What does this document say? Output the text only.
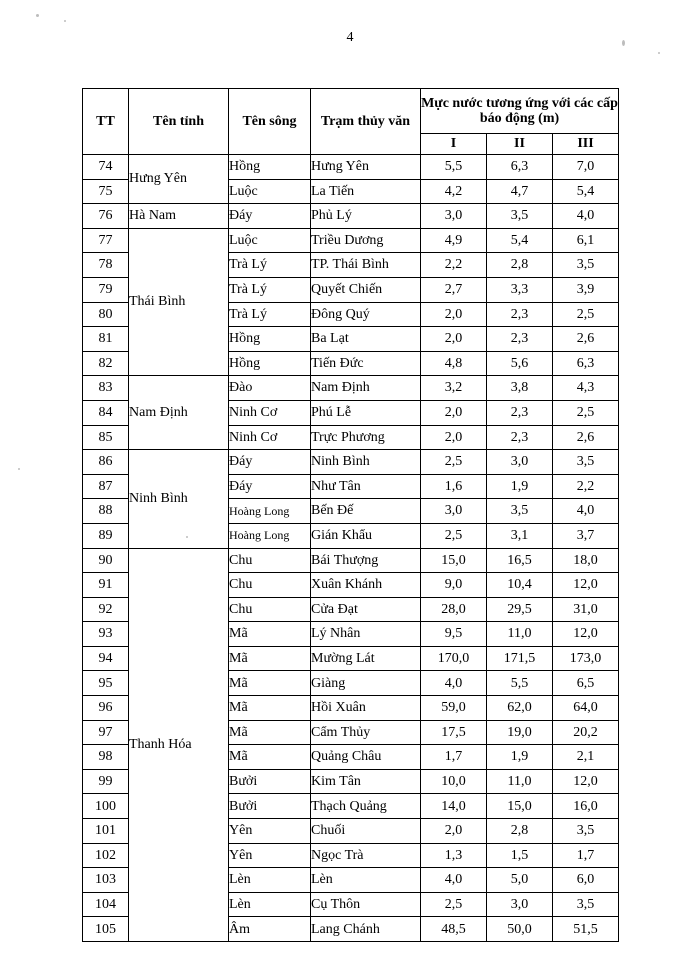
4
TT	Tên tỉnh	Tên sông	Trạm thủy văn	Mực nước tương ứng với các cấp báo động (m)		
				I	II	III
74	Hưng Yên	Hồng	Hưng Yên	5,5	6,3	7,0
75		Luộc	La Tiến	4,2	4,7	5,4
76	Hà Nam	Đáy	Phủ Lý	3,0	3,5	4,0
77	Thái Bình	Luộc	Triều Dương	4,9	5,4	6,1
78		Trà Lý	TP. Thái Bình	2,2	2,8	3,5
79		Trà Lý	Quyết Chiến	2,7	3,3	3,9
80		Trà Lý	Đông Quý	2,0	2,3	2,5
81		Hồng	Ba Lạt	2,0	2,3	2,6
82		Hồng	Tiến Đức	4,8	5,6	6,3
83	Nam Định	Đào	Nam Định	3,2	3,8	4,3
84		Ninh Cơ	Phú Lễ	2,0	2,3	2,5
85		Ninh Cơ	Trực Phương	2,0	2,3	2,6
86	Ninh Bình	Đáy	Ninh Bình	2,5	3,0	3,5
87		Đáy	Như Tân	1,6	1,9	2,2
88		Hoàng Long	Bến Đế	3,0	3,5	4,0
89		Hoàng Long	Gián Khẩu	2,5	3,1	3,7
90	Thanh Hóa	Chu	Bái Thượng	15,0	16,5	18,0
91		Chu	Xuân Khánh	9,0	10,4	12,0
92		Chu	Cửa Đạt	28,0	29,5	31,0
93		Mã	Lý Nhân	9,5	11,0	12,0
94		Mã	Mường Lát	170,0	171,5	173,0
95		Mã	Giàng	4,0	5,5	6,5
96		Mã	Hồi Xuân	59,0	62,0	64,0
97		Mã	Cẩm Thủy	17,5	19,0	20,2
98		Mã	Quảng Châu	1,7	1,9	2,1
99		Bưởi	Kim Tân	10,0	11,0	12,0
100		Bưởi	Thạch Quảng	14,0	15,0	16,0
101		Yên	Chuối	2,0	2,8	3,5
102		Yên	Ngọc Trà	1,3	1,5	1,7
103		Lèn	Lèn	4,0	5,0	6,0
104		Lèn	Cụ Thôn	2,5	3,0	3,5
105		Âm	Lang Chánh	48,5	50,0	51,5
